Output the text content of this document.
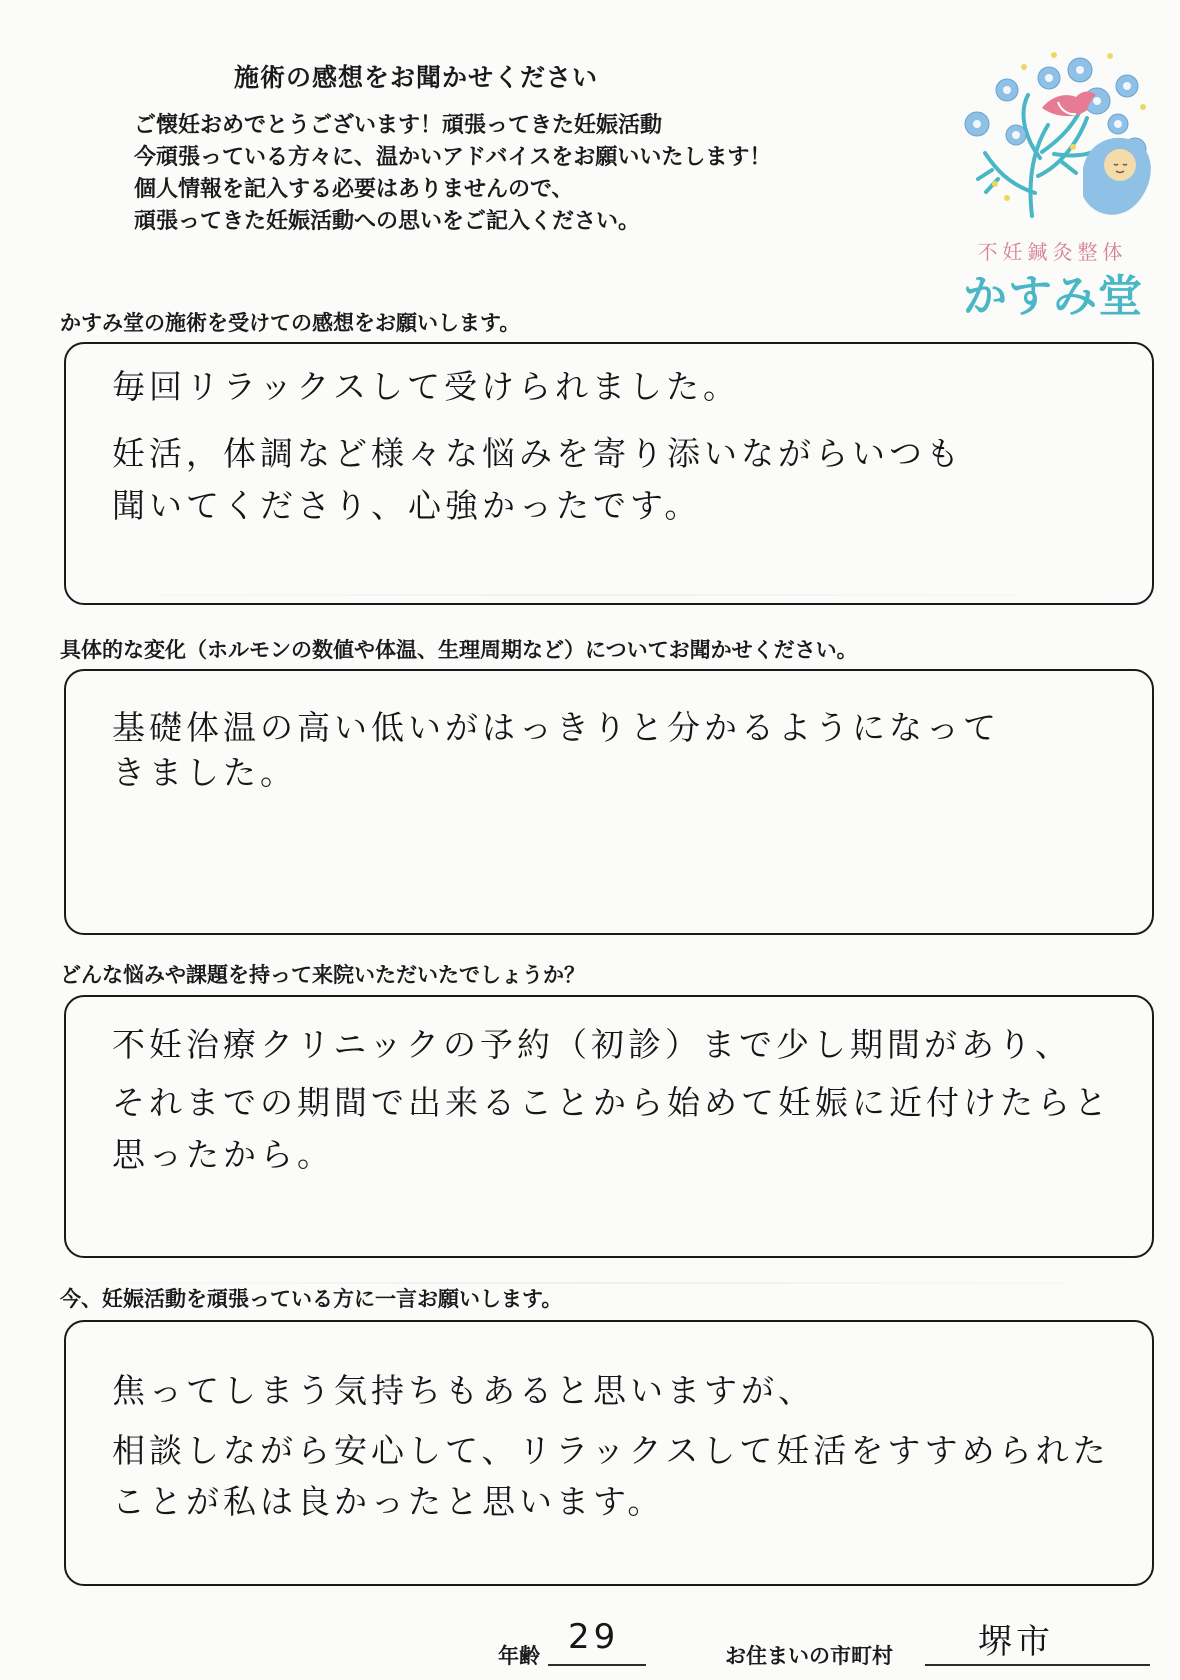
施術の感想をお聞かせください
ご懐妊おめでとうございます！頑張ってきた妊娠活動
今頑張っている方々に、温かいアドバイスをお願いいたします！
個人情報を記入する必要はありませんので、
頑張ってきた妊娠活動への思いをご記入ください。
不妊鍼灸整体
かすみ堂
かすみ堂の施術を受けての感想をお願いします。
毎回リラックスして受けられました。
妊活，体調など様々な悩みを寄り添いながらいつも
聞いてくださり、心強かったです。
具体的な変化（ホルモンの数値や体温、生理周期など）についてお聞かせください。
基礎体温の高い低いがはっきりと分かるようになって
きました。
どんな悩みや課題を持って来院いただいたでしょうか？
不妊治療クリニックの予約（初診）まで少し期間があり、
それまでの期間で出来ることから始めて妊娠に近付けたらと
思ったから。
今、妊娠活動を頑張っている方に一言お願いします。
焦ってしまう気持ちもあると思いますが、
相談しながら安心して、リラックスして妊活をすすめられた
ことが私は良かったと思います。
年齢 29	お住まいの市町村	堺市
